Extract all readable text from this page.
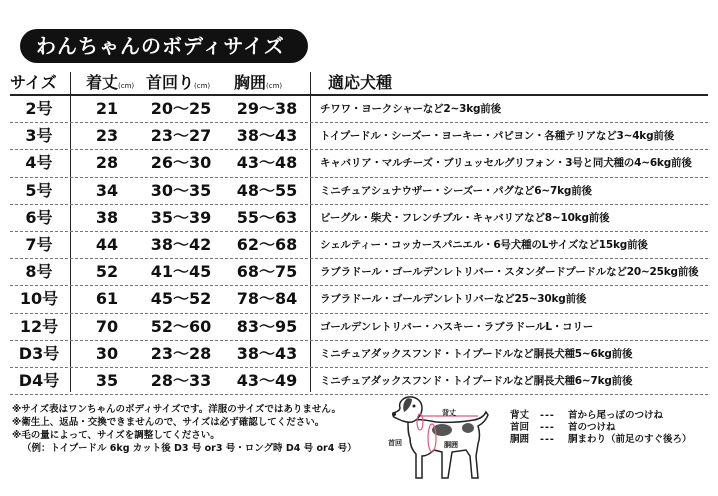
わんちゃんのボディサイズ
サイズ 着丈(cm) 首回り(cm) 胸囲(cm)	適応犬種
2号	21	20～25	29～38	チワワ・ヨークシャーなど2~3kg前後
3号	23	23～27	38～43	トイプードル・シーズー・ヨーキー・パピヨン・各種テリアなど3~4kg前後
4号	28	26～30	43～48	キャバリア・マルチーズ・ブリュッセルグリフォン・3号と同犬種の4~6kg前後
5号	34	30～35	48～55	ミニチュアシュナウザー・シーズー・パグなど6~7kg前後
6号	38	35～39	55～63	ビーグル・柴犬・フレンチブル・キャバリアなど8~10kg前後
7号	44	38～42	62～68	シェルティー・コッカースパニエル・6号犬種のLサイズなど15kg前後
8号	52	41～45	68～75	ラブラドール・ゴールデンレトリバー・スタンダードプードルなど20~25kg前後
10号	61	45～52	78～84	ラブラドール・ゴールデンレトリバーなど25~30kg前後
12号	70	52～60	83～95	ゴールデンレトリバー・ハスキー・ラブラドールL・コリー
D3号	30	23～28	38～43	ミニチュアダックスフンド・トイプードルなど胴長犬種5~6kg前後
D4号	35	28～33	43～49	ミニチュアダックスフンド・トイプードルなど胴長犬種6~7kg前後
※サイズ表はワンちゃんのボディサイズです。洋服のサイズではありません。
※衛生上、返品・交換できませんので、サイズは必ず確認してください。
※毛の量によって、サイズを調整してください。
（例：トイプードル 6kg カット後 D3 号 or3 号・ロング時 D4 号 or4 号）
背丈
首回	胴囲
背丈 --- 首から尾っぽのつけね
首回 --- 首のつけね
胴囲 --- 胴まわり（前足のすぐ後ろ）
